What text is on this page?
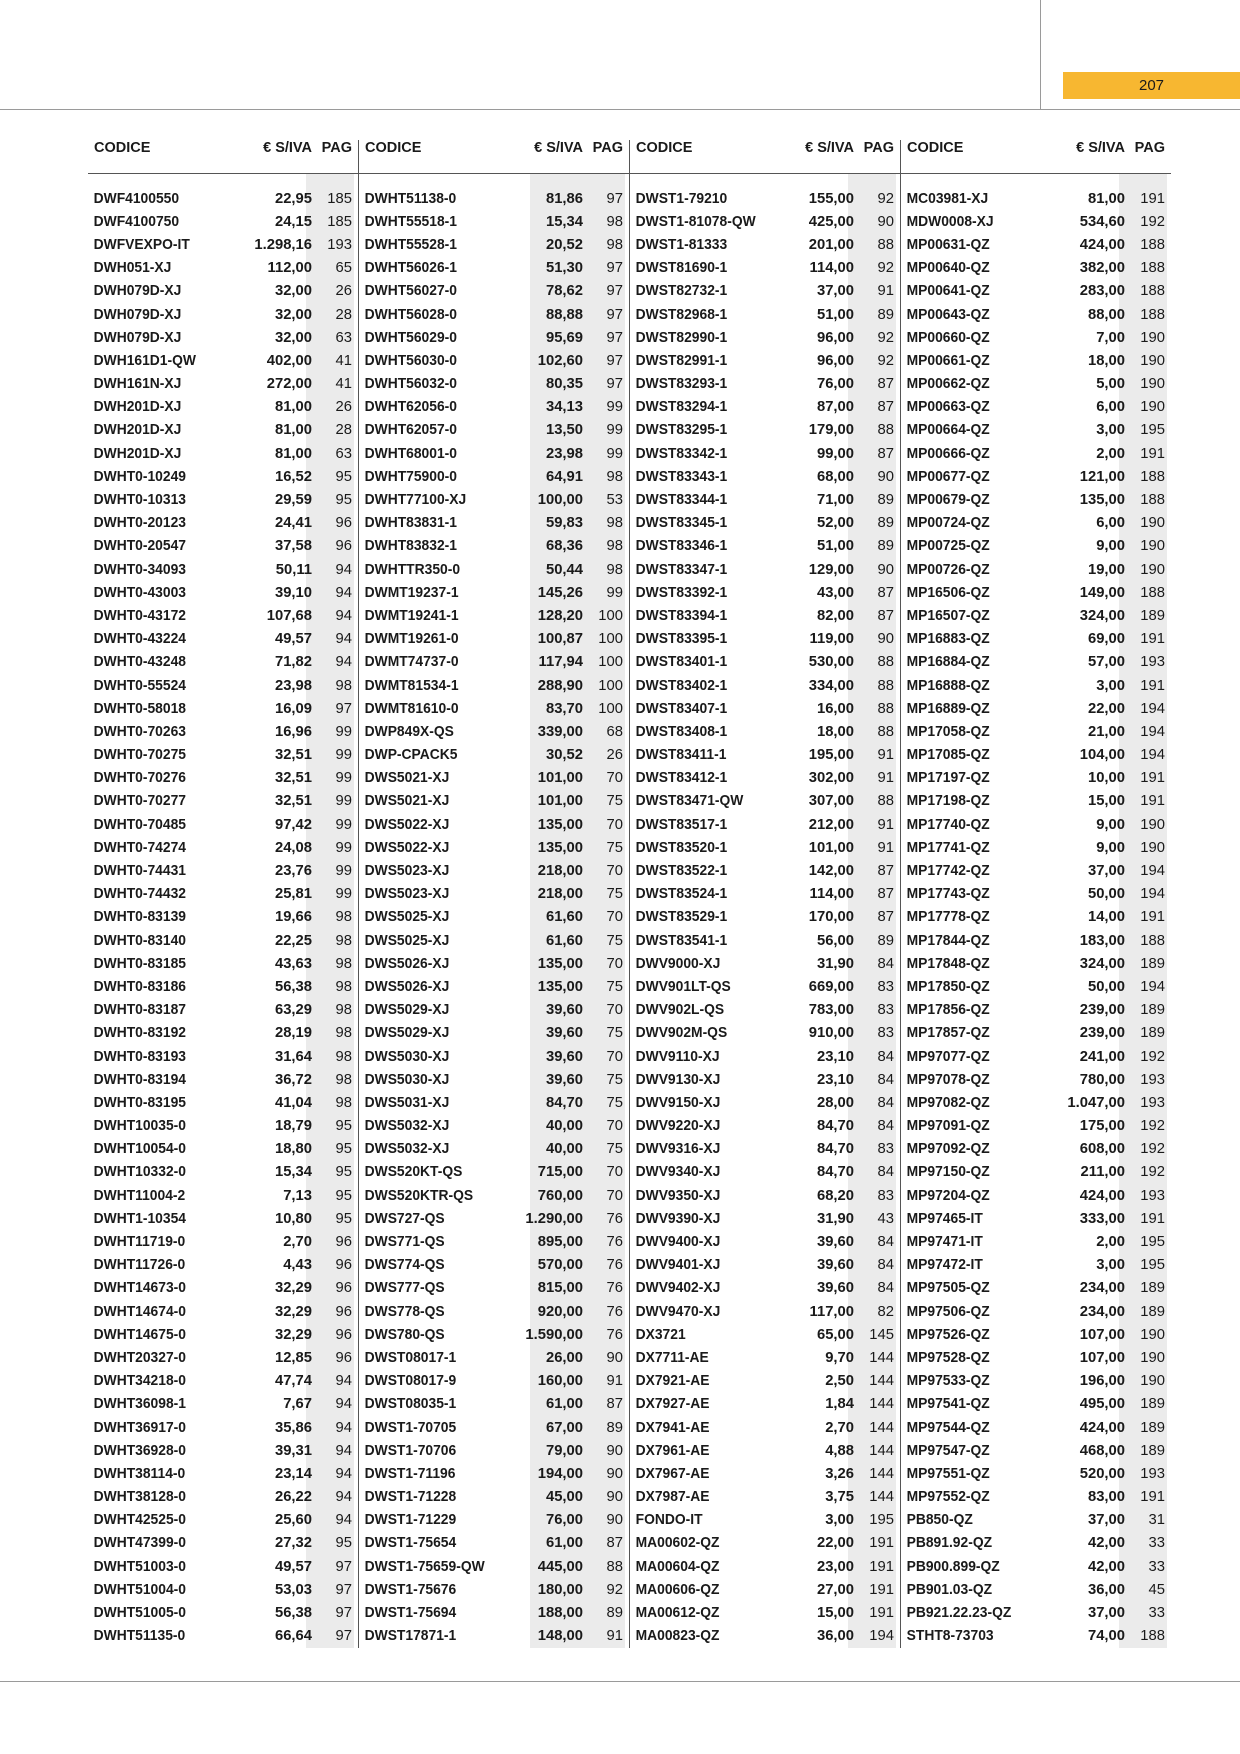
207
CODICE	€ S/IVA PAG
DWF4100550	22,95	185
DWF4100750	24,15	185
DWFVEXPO-IT	1.298,16	193
DWH051-XJ	112,00	65
DWH079D-XJ	32,00	26
DWH079D-XJ	32,00	28
DWH079D-XJ	32,00	63
DWH161D1-QW	402,00	41
DWH161N-XJ	272,00	41
DWH201D-XJ	81,00	26
DWH201D-XJ	81,00	28
DWH201D-XJ	81,00	63
DWHT0-10249	16,52	95
DWHT0-10313	29,59	95
DWHT0-20123	24,41	96
DWHT0-20547	37,58	96
DWHT0-34093	50,11	94
DWHT0-43003	39,10	94
DWHT0-43172	107,68	94
DWHT0-43224	49,57	94
DWHT0-43248	71,82	94
DWHT0-55524	23,98	98
DWHT0-58018	16,09	97
DWHT0-70263	16,96	99
DWHT0-70275	32,51	99
DWHT0-70276	32,51	99
DWHT0-70277	32,51	99
DWHT0-70485	97,42	99
DWHT0-74274	24,08	99
DWHT0-74431	23,76	99
DWHT0-74432	25,81	99
DWHT0-83139	19,66	98
DWHT0-83140	22,25	98
DWHT0-83185	43,63	98
DWHT0-83186	56,38	98
DWHT0-83187	63,29	98
DWHT0-83192	28,19	98
DWHT0-83193	31,64	98
DWHT0-83194	36,72	98
DWHT0-83195	41,04	98
DWHT10035-0	18,79	95
DWHT10054-0	18,80	95
DWHT10332-0	15,34	95
DWHT11004-2	7,13	95
DWHT1-10354	10,80	95
DWHT11719-0	2,70	96
DWHT11726-0	4,43	96
DWHT14673-0	32,29	96
DWHT14674-0	32,29	96
DWHT14675-0	32,29	96
DWHT20327-0	12,85	96
DWHT34218-0	47,74	94
DWHT36098-1	7,67	94
DWHT36917-0	35,86	94
DWHT36928-0	39,31	94
DWHT38114-0	23,14	94
DWHT38128-0	26,22	94
DWHT42525-0	25,60	94
DWHT47399-0	27,32	95
DWHT51003-0	49,57	97
DWHT51004-0	53,03	97
DWHT51005-0	56,38	97
DWHT51135-0	66,64	97
CODICE	€ S/IVA PAG
DWHT51138-0	81,86	97
DWHT55518-1	15,34	98
DWHT55528-1	20,52	98
DWHT56026-1	51,30	97
DWHT56027-0	78,62	97
DWHT56028-0	88,88	97
DWHT56029-0	95,69	97
DWHT56030-0	102,60	97
DWHT56032-0	80,35	97
DWHT62056-0	34,13	99
DWHT62057-0	13,50	99
DWHT68001-0	23,98	99
DWHT75900-0	64,91	98
DWHT77100-XJ	100,00	53
DWHT83831-1	59,83	98
DWHT83832-1	68,36	98
DWHTTR350-0	50,44	98
DWMT19237-1	145,26	99
DWMT19241-1	128,20	100
DWMT19261-0	100,87	100
DWMT74737-0	117,94	100
DWMT81534-1	288,90	100
DWMT81610-0	83,70	100
DWP849X-QS	339,00	68
DWP-CPACK5	30,52	26
DWS5021-XJ	101,00	70
DWS5021-XJ	101,00	75
DWS5022-XJ	135,00	70
DWS5022-XJ	135,00	75
DWS5023-XJ	218,00	70
DWS5023-XJ	218,00	75
DWS5025-XJ	61,60	70
DWS5025-XJ	61,60	75
DWS5026-XJ	135,00	70
DWS5026-XJ	135,00	75
DWS5029-XJ	39,60	70
DWS5029-XJ	39,60	75
DWS5030-XJ	39,60	70
DWS5030-XJ	39,60	75
DWS5031-XJ	84,70	75
DWS5032-XJ	40,00	70
DWS5032-XJ	40,00	75
DWS520KT-QS	715,00	70
DWS520KTR-QS	760,00	70
DWS727-QS	1.290,00	76
DWS771-QS	895,00	76
DWS774-QS	570,00	76
DWS777-QS	815,00	76
DWS778-QS	920,00	76
DWS780-QS	1.590,00	76
DWST08017-1	26,00	90
DWST08017-9	160,00	91
DWST08035-1	61,00	87
DWST1-70705	67,00	89
DWST1-70706	79,00	90
DWST1-71196	194,00	90
DWST1-71228	45,00	90
DWST1-71229	76,00	90
DWST1-75654	61,00	87
DWST1-75659-QW	445,00	88
DWST1-75676	180,00	92
DWST1-75694	188,00	89
DWST17871-1	148,00	91
CODICE	€ S/IVA PAG
DWST1-79210	155,00	92
DWST1-81078-QW	425,00	90
DWST1-81333	201,00	88
DWST81690-1	114,00	92
DWST82732-1	37,00	91
DWST82968-1	51,00	89
DWST82990-1	96,00	92
DWST82991-1	96,00	92
DWST83293-1	76,00	87
DWST83294-1	87,00	87
DWST83295-1	179,00	88
DWST83342-1	99,00	87
DWST83343-1	68,00	90
DWST83344-1	71,00	89
DWST83345-1	52,00	89
DWST83346-1	51,00	89
DWST83347-1	129,00	90
DWST83392-1	43,00	87
DWST83394-1	82,00	87
DWST83395-1	119,00	90
DWST83401-1	530,00	88
DWST83402-1	334,00	88
DWST83407-1	16,00	88
DWST83408-1	18,00	88
DWST83411-1	195,00	91
DWST83412-1	302,00	91
DWST83471-QW	307,00	88
DWST83517-1	212,00	91
DWST83520-1	101,00	91
DWST83522-1	142,00	87
DWST83524-1	114,00	87
DWST83529-1	170,00	87
DWST83541-1	56,00	89
DWV9000-XJ	31,90	84
DWV901LT-QS	669,00	83
DWV902L-QS	783,00	83
DWV902M-QS	910,00	83
DWV9110-XJ	23,10	84
DWV9130-XJ	23,10	84
DWV9150-XJ	28,00	84
DWV9220-XJ	84,70	84
DWV9316-XJ	84,70	83
DWV9340-XJ	84,70	84
DWV9350-XJ	68,20	83
DWV9390-XJ	31,90	43
DWV9400-XJ	39,60	84
DWV9401-XJ	39,60	84
DWV9402-XJ	39,60	84
DWV9470-XJ	117,00	82
DX3721	65,00	145
DX7711-AE	9,70	144
DX7921-AE	2,50	144
DX7927-AE	1,84	144
DX7941-AE	2,70	144
DX7961-AE	4,88	144
DX7967-AE	3,26	144
DX7987-AE	3,75	144
FONDO-IT	3,00	195
MA00602-QZ	22,00	191
MA00604-QZ	23,00	191
MA00606-QZ	27,00	191
MA00612-QZ	15,00	191
MA00823-QZ	36,00	194
CODICE	€ S/IVA PAG
MC03981-XJ	81,00	191
MDW0008-XJ	534,60	192
MP00631-QZ	424,00	188
MP00640-QZ	382,00	188
MP00641-QZ	283,00	188
MP00643-QZ	88,00	188
MP00660-QZ	7,00	190
MP00661-QZ	18,00	190
MP00662-QZ	5,00	190
MP00663-QZ	6,00	190
MP00664-QZ	3,00	195
MP00666-QZ	2,00	191
MP00677-QZ	121,00	188
MP00679-QZ	135,00	188
MP00724-QZ	6,00	190
MP00725-QZ	9,00	190
MP00726-QZ	19,00	190
MP16506-QZ	149,00	188
MP16507-QZ	324,00	189
MP16883-QZ	69,00	191
MP16884-QZ	57,00	193
MP16888-QZ	3,00	191
MP16889-QZ	22,00	194
MP17058-QZ	21,00	194
MP17085-QZ	104,00	194
MP17197-QZ	10,00	191
MP17198-QZ	15,00	191
MP17740-QZ	9,00	190
MP17741-QZ	9,00	190
MP17742-QZ	37,00	194
MP17743-QZ	50,00	194
MP17778-QZ	14,00	191
MP17844-QZ	183,00	188
MP17848-QZ	324,00	189
MP17850-QZ	50,00	194
MP17856-QZ	239,00	189
MP17857-QZ	239,00	189
MP97077-QZ	241,00	192
MP97078-QZ	780,00	193
MP97082-QZ	1.047,00	193
MP97091-QZ	175,00	192
MP97092-QZ	608,00	192
MP97150-QZ	211,00	192
MP97204-QZ	424,00	193
MP97465-IT	333,00	191
MP97471-IT	2,00	195
MP97472-IT	3,00	195
MP97505-QZ	234,00	189
MP97506-QZ	234,00	189
MP97526-QZ	107,00	190
MP97528-QZ	107,00	190
MP97533-QZ	196,00	190
MP97541-QZ	495,00	189
MP97544-QZ	424,00	189
MP97547-QZ	468,00	189
MP97551-QZ	520,00	193
MP97552-QZ	83,00	191
PB850-QZ	37,00	31
PB891.92-QZ	42,00	33
PB900.899-QZ	42,00	33
PB901.03-QZ	36,00	45
PB921.22.23-QZ	37,00	33
STHT8-73703	74,00	188
